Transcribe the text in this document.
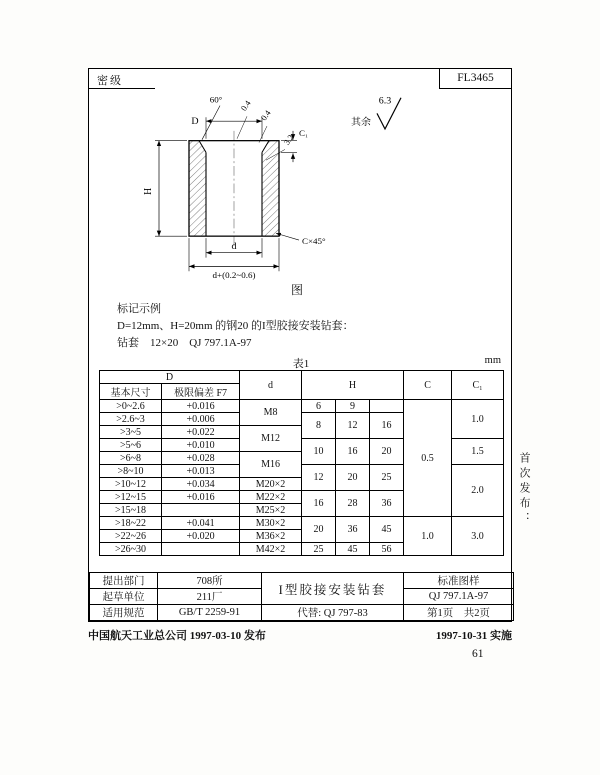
密级	FL3465
D
H
d
d+(0.2~0.6)
C₁
60° 0.4
0.4
3.2
C×45°
6.3
其余
图
标记示例
D=12mm、H=20mm 的钢20 的I型胶接安装钻套：
钻套　12×20　QJ 797.1A-97
表1	mm
D		d	H			C	C₁
基本尺寸	极限偏差 F7						
>0~2.6	+0.016	M8	6	9		0.5	1.0
>2.6~3	+0.006		8	12	16		
>3~5	+0.022	M12					
>5~6	+0.010		10	16	20		1.5
>6~8	+0.028	M16					
>8~10	+0.013		12	20	25		2.0
>10~12	+0.034	M20×2					
>12~15	+0.016	M22×2	16	28	36		
>15~18		M25×2					
>18~22	+0.041	M30×2	20	36	45	1.0	3.0
>22~26	+0.020	M36×2					
>26~30		M42×2	25	45	56		
提出部门	708所	I型胶接安装钻套	标准图样
起草单位	211厂		QJ 797.1A-97
适用规范	GB/T 2259-91	代替: QJ 797-83	第1页　共2页
首次发布：
中国航天工业总公司 1997-03-10 发布	1997-10-31 实施
61
